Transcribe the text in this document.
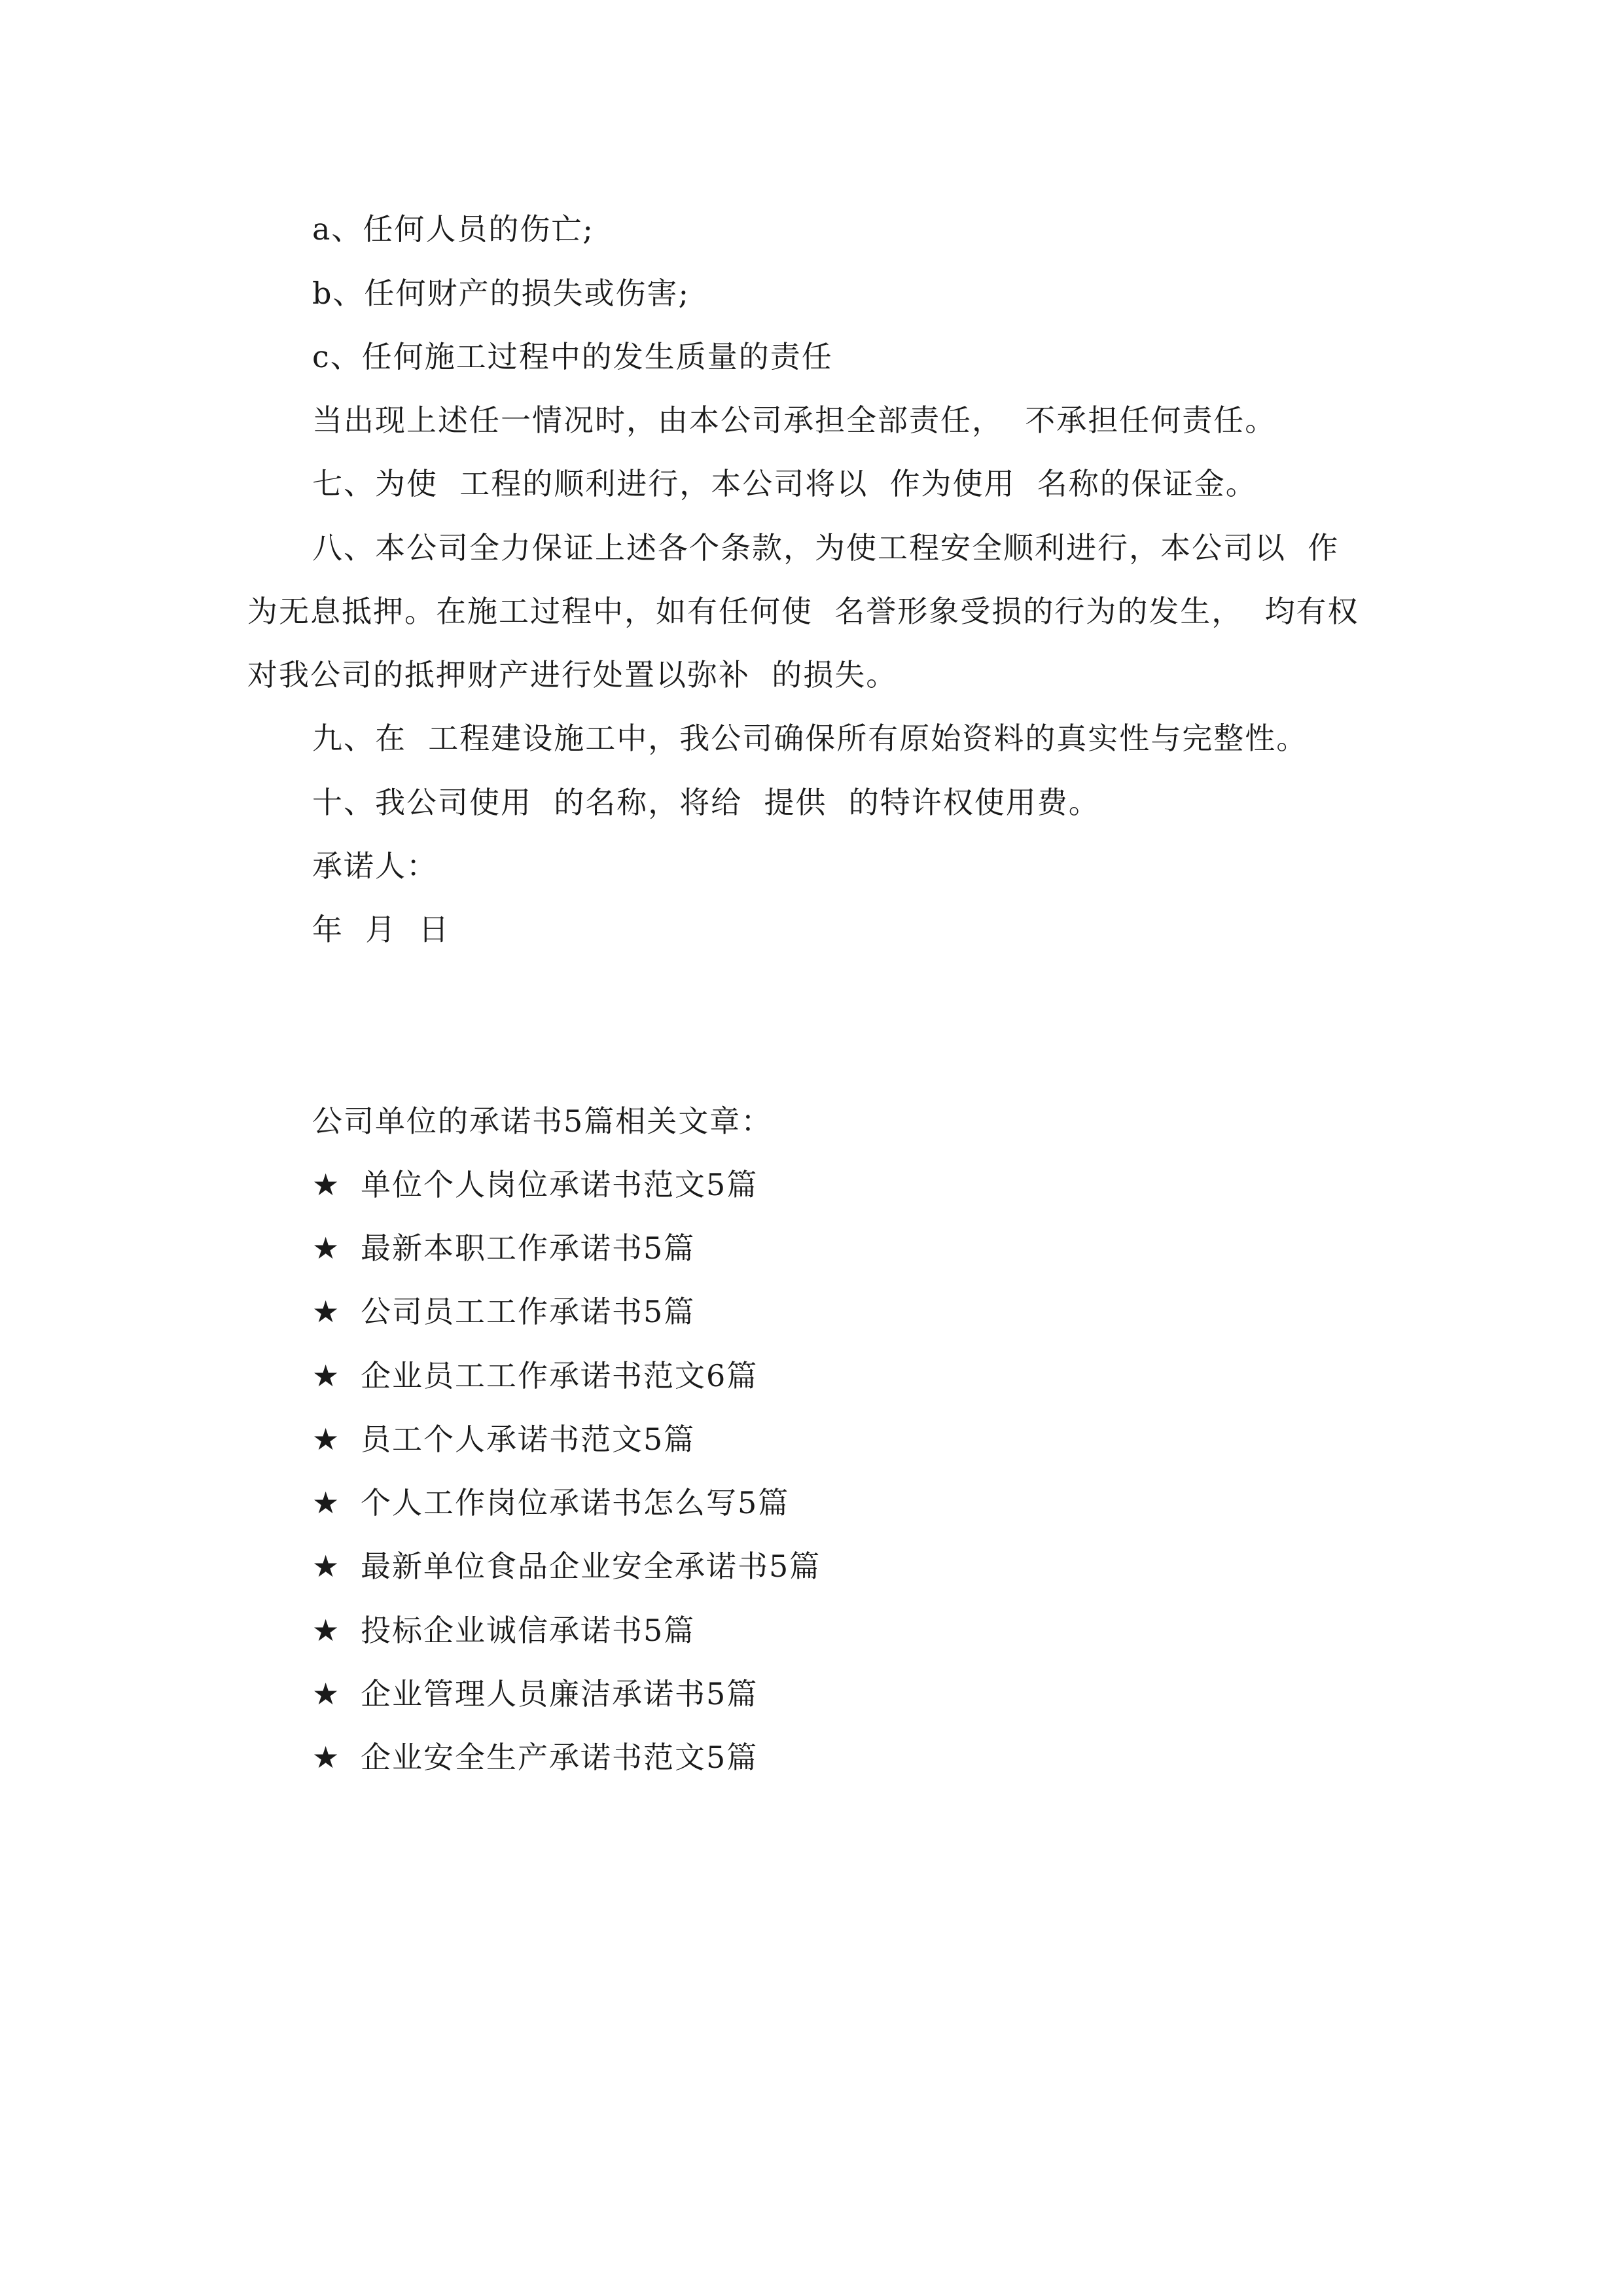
a、任何人员的伤亡;
b、任何财产的损失或伤害;
c、任何施工过程中的发生质量的责任
当出现上述任一情况时，由本公司承担全部责任，  不承担任何责任。
七、为使  工程的顺利进行，本公司将以  作为使用  名称的保证金。
八、本公司全力保证上述各个条款，为使工程安全顺利进行，本公司以  作
为无息抵押。在施工过程中，如有任何使  名誉形象受损的行为的发生，  均有权
对我公司的抵押财产进行处置以弥补  的损失。
九、在  工程建设施工中，我公司确保所有原始资料的真实性与完整性。
十、我公司使用  的名称，将给  提供  的特许权使用费。
承诺人：
年  月  日
公司单位的承诺书5篇相关文章：
★ 单位个人岗位承诺书范文5篇
★ 最新本职工作承诺书5篇
★ 公司员工工作承诺书5篇
★ 企业员工工作承诺书范文6篇
★ 员工个人承诺书范文5篇
★ 个人工作岗位承诺书怎么写5篇
★ 最新单位食品企业安全承诺书5篇
★ 投标企业诚信承诺书5篇
★ 企业管理人员廉洁承诺书5篇
★ 企业安全生产承诺书范文5篇
